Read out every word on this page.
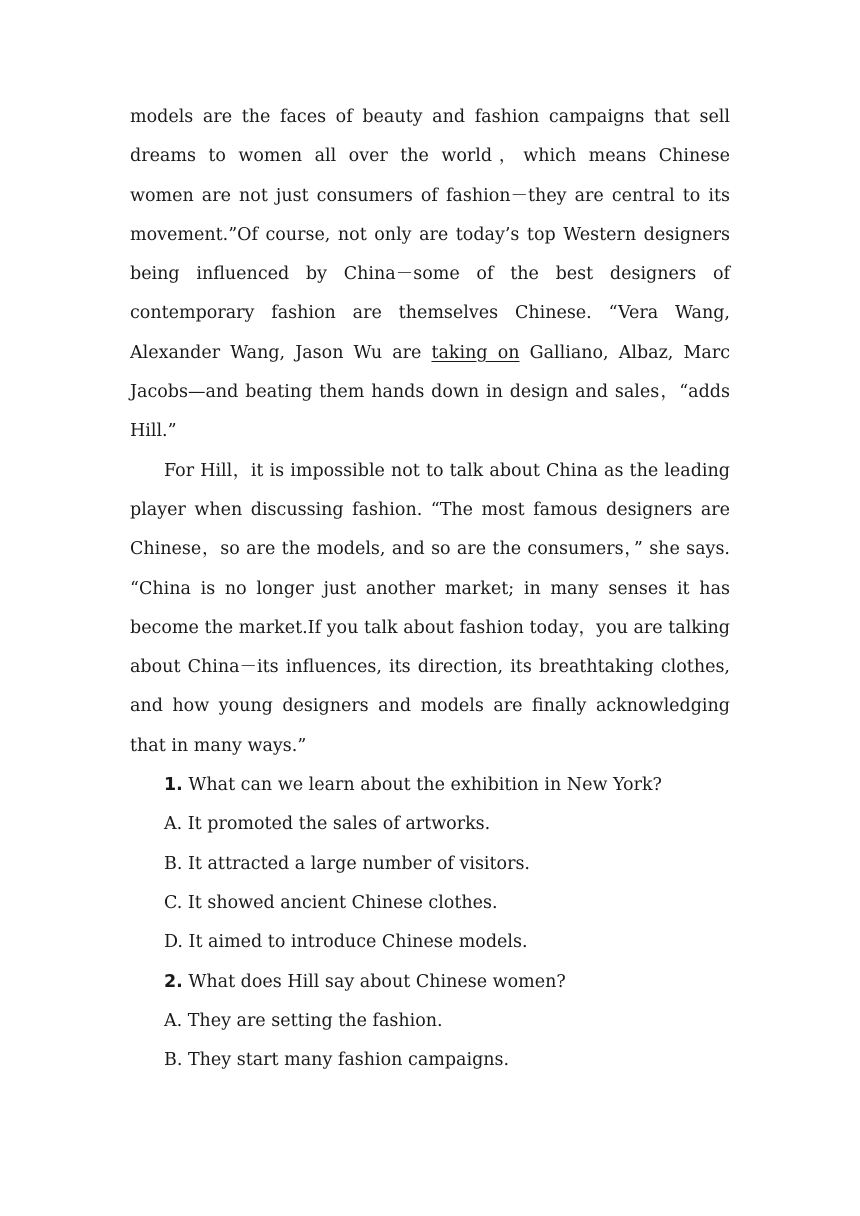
models are the faces of beauty and fashion campaigns that sell dreams to women all over the world，which means Chinese women are not just consumers of fashion－they are central to its movement.”Of course, not only are today’s top Western designers being influenced by China－some of the best designers of contemporary fashion are themselves Chinese. “Vera Wang, Alexander Wang, Jason Wu are taking on Galliano, Albaz, Marc Jacobs—and beating them hands down in design and sales，“adds Hill.”

For Hill，it is impossible not to talk about China as the leading player when discussing fashion. “The most famous designers are Chinese，so are the models, and so are the consumers，” she says. “China is no longer just another market; in many senses it has become the market.If you talk about fashion today，you are talking about China－its influences, its direction, its breathtaking clothes, and how young designers and models are finally acknowledging that in many ways.”

1. What can we learn about the exhibition in New York?
A. It promoted the sales of artworks.
B. It attracted a large number of visitors.
C. It showed ancient Chinese clothes.
D. It aimed to introduce Chinese models.
2. What does Hill say about Chinese women?
A. They are setting the fashion.
B. They start many fashion campaigns.
